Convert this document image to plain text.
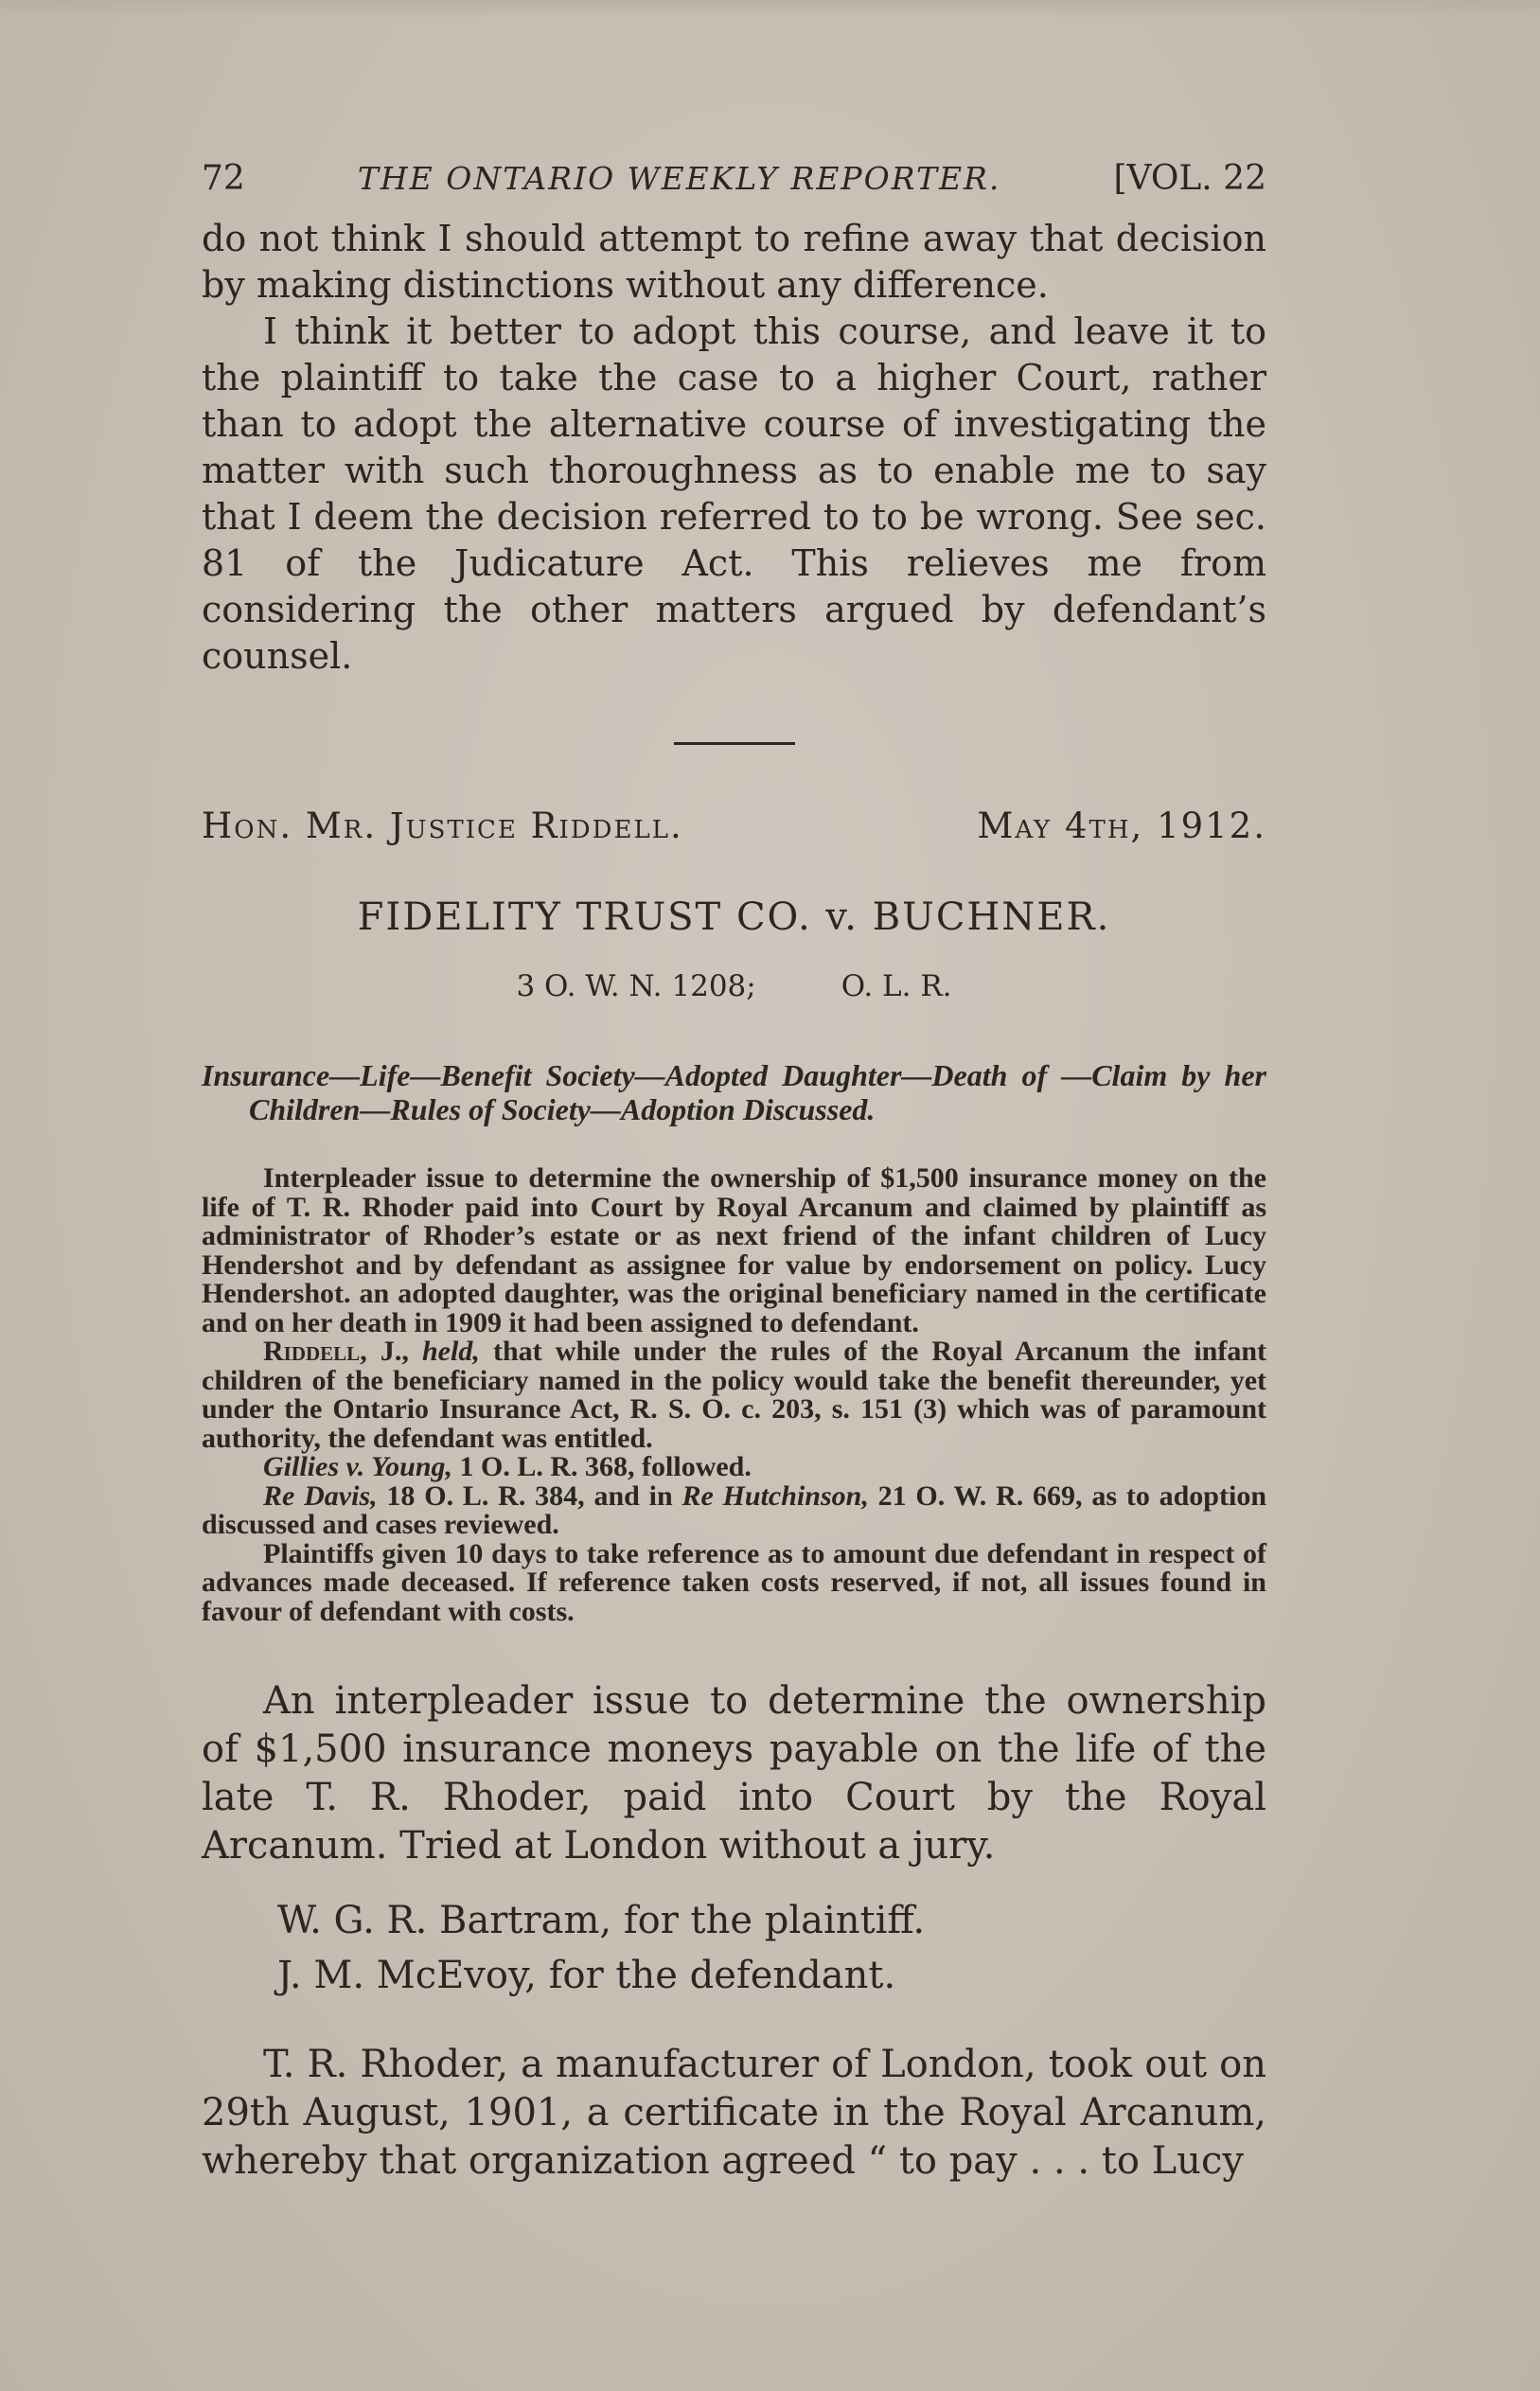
72	THE ONTARIO WEEKLY REPORTER.	[VOL. 22

do not think I should attempt to refine away that decision by making distinctions without any difference.

I think it better to adopt this course, and leave it to the plaintiff to take the case to a higher Court, rather than to adopt the alternative course of investigating the matter with such thoroughness as to enable me to say that I deem the decision referred to to be wrong. See sec. 81 of the Judicature Act. This relieves me from considering the other matters argued by defendant’s counsel.

Hon. Mr. Justice Riddell.	May 4th, 1912.
FIDELITY TRUST CO. v. BUCHNER.
3 O. W. N. 1208;	O. L. R.
Insurance—Life—Benefit Society—Adopted Daughter—Death of —Claim by her Children—Rules of Society—Adoption Discussed.

Interpleader issue to determine the ownership of $1,500 insurance money on the life of T. R. Rhoder paid into Court by Royal Arcanum and claimed by plaintiff as administrator of Rhoder’s estate or as next friend of the infant children of Lucy Hendershot and by defendant as assignee for value by endorsement on policy. Lucy Hendershot. an adopted daughter, was the original beneficiary named in the certificate and on her death in 1909 it had been assigned to defendant.

Riddell, J., held, that while under the rules of the Royal Arcanum the infant children of the beneficiary named in the policy would take the benefit thereunder, yet under the Ontario Insurance Act, R. S. O. c. 203, s. 151 (3) which was of paramount authority, the defendant was entitled.

Gillies v. Young, 1 O. L. R. 368, followed.

Re Davis, 18 O. L. R. 384, and in Re Hutchinson, 21 O. W. R. 669, as to adoption discussed and cases reviewed.

Plaintiffs given 10 days to take reference as to amount due defendant in respect of advances made deceased. If reference taken costs reserved, if not, all issues found in favour of defendant with costs.

An interpleader issue to determine the ownership of $1,500 insurance moneys payable on the life of the late T. R. Rhoder, paid into Court by the Royal Arcanum. Tried at London without a jury.

W. G. R. Bartram, for the plaintiff.

J. M. McEvoy, for the defendant.

T. R. Rhoder, a manufacturer of London, took out on 29th August, 1901, a certificate in the Royal Arcanum, whereby that organization agreed “ to pay . . . to Lucy
